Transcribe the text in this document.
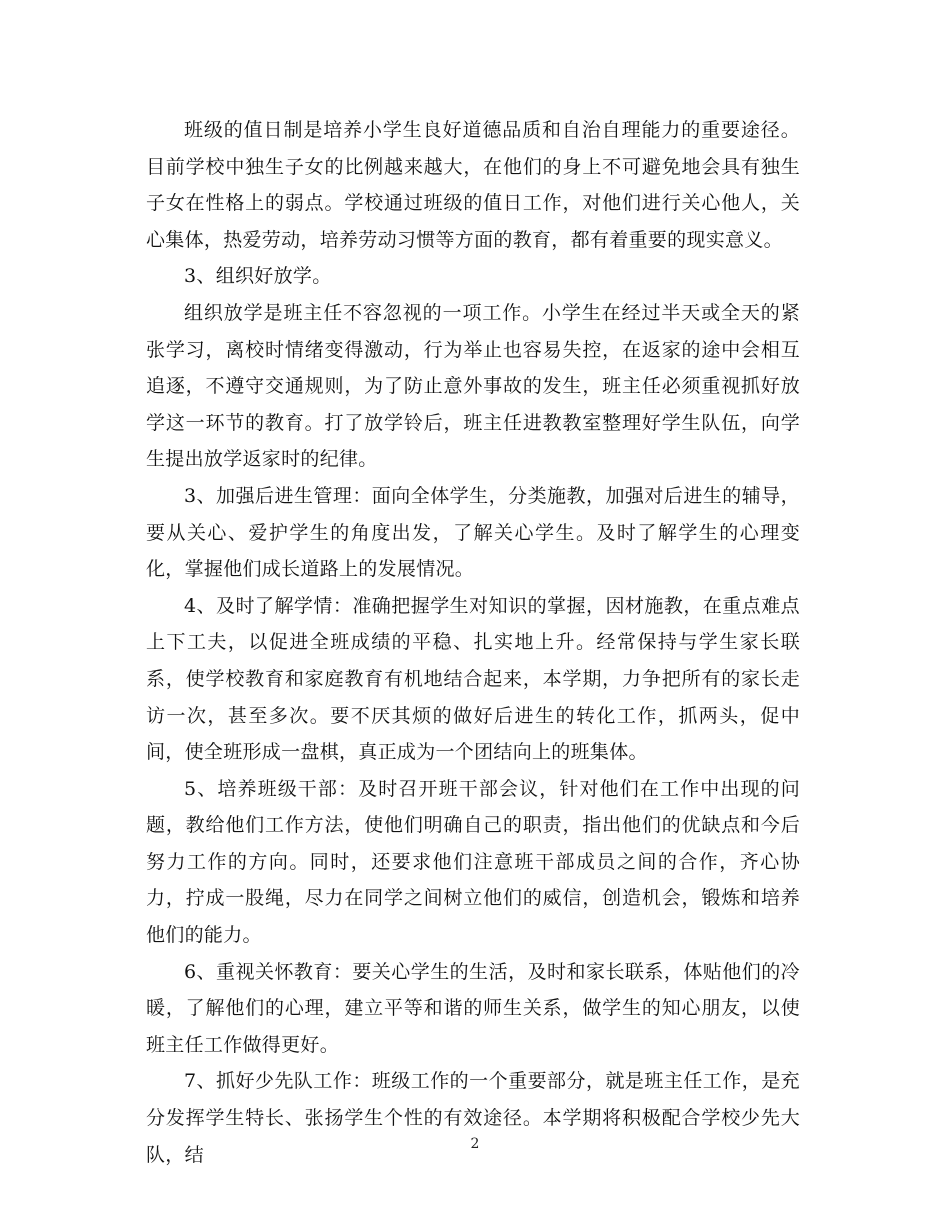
班级的值日制是培养小学生良好道德品质和自治自理能力的重要途径。目前学校中独生子女的比例越来越大，在他们的身上不可避免地会具有独生子女在性格上的弱点。学校通过班级的值日工作，对他们进行关心他人，关心集体，热爱劳动，培养劳动习惯等方面的教育，都有着重要的现实意义。

3、组织好放学。

组织放学是班主任不容忽视的一项工作。小学生在经过半天或全天的紧张学习，离校时情绪变得激动，行为举止也容易失控，在返家的途中会相互追逐，不遵守交通规则，为了防止意外事故的发生，班主任必须重视抓好放学这一环节的教育。打了放学铃后，班主任进教教室整理好学生队伍，向学生提出放学返家时的纪律。

3、加强后进生管理：面向全体学生，分类施教，加强对后进生的辅导，要从关心、爱护学生的角度出发，了解关心学生。及时了解学生的心理变化，掌握他们成长道路上的发展情况。

4、及时了解学情：准确把握学生对知识的掌握，因材施教，在重点难点上下工夫，以促进全班成绩的平稳、扎实地上升。经常保持与学生家长联系，使学校教育和家庭教育有机地结合起来，本学期，力争把所有的家长走访一次，甚至多次。要不厌其烦的做好后进生的转化工作，抓两头，促中间，使全班形成一盘棋，真正成为一个团结向上的班集体。

5、培养班级干部：及时召开班干部会议，针对他们在工作中出现的问题，教给他们工作方法，使他们明确自己的职责，指出他们的优缺点和今后努力工作的方向。同时，还要求他们注意班干部成员之间的合作，齐心协力，拧成一股绳，尽力在同学之间树立他们的威信，创造机会，锻炼和培养他们的能力。

6、重视关怀教育：要关心学生的生活，及时和家长联系，体贴他们的冷暖，了解他们的心理，建立平等和谐的师生关系，做学生的知心朋友，以使班主任工作做得更好。

7、抓好少先队工作：班级工作的一个重要部分，就是班主任工作，是充分发挥学生特长、张扬学生个性的有效途径。本学期将积极配合学校少先大队，结	2
